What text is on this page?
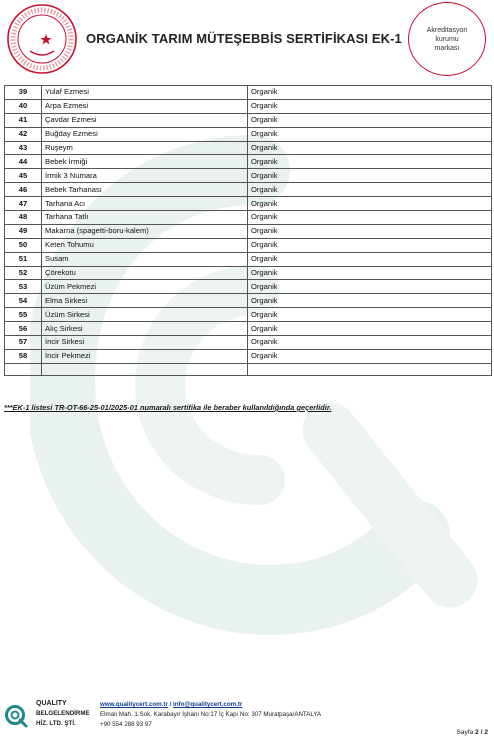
ORGANİK TARIM MÜTEŞEBBİS SERTİFİKASI EK-1
Akreditasyon
kurumu
markası
39	Yulaf Ezmesi	Organik
40	Arpa Ezmesi	Organik
41	Çavdar Ezmesi	Organik
42	Buğday Ezmesi	Organik
43	Ruşeym	Organik
44	Bebek İrmiği	Organik
45	İrmik 3 Numara	Organik
46	Bebek Tarhanası	Organik
47	Tarhana Acı	Organik
48	Tarhana Tatlı	Organik
49	Makarna (spagetti-boru-kalem)	Organik
50	Keten Tohumu	Organik
51	Susam	Organik
52	Çörekotu	Organik
53	Üzüm Pekmezi	Organik
54	Elma Sirkesi	Organik
55	Üzüm Sirkesi	Organik
56	Alıç Sirkesi	Organik
57	İncir Sirkesi	Organik
58	İncir Pekmezi	Organik

***EK-1 listesi TR-OT-66-25-01/2025-01 numaralı sertifika ile beraber kullanıldığında geçerlidir.
QUALITY
BELGELENDİRME
HİZ. LTD. ŞTİ.
www.qualitycert.com.tr / info@qualitycert.com.tr
Elmalı Mah. 1.Sok. Karabayır İşhanı No:17 İç Kapı No: 307 Muratpaşa/ANTALYA
+90 554 288 93 97
Sayfa 2 / 2
